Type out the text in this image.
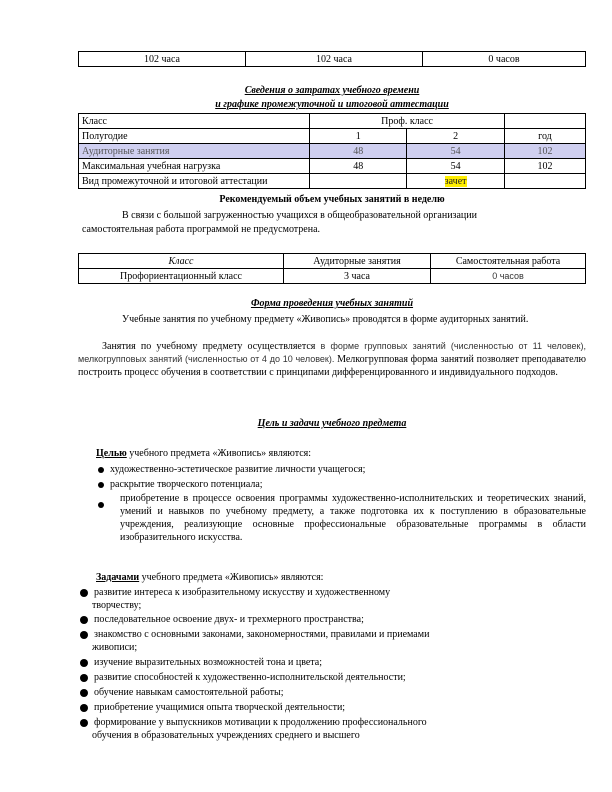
102 часа	102 часа	0 часов
Сведения о затратах учебного времени
и графике промежуточной и итоговой аттестации
Класс	Проф. класс		
Полугодие	1	2	год
Аудиторные занятия	48	54	102
Максимальная учебная нагрузка	48	54	102
Вид промежуточной и итоговой аттестации		зачет	
Рекомендуемый объем учебных занятий в неделю
В связи с большой загруженностью учащихся в общеобразовательной организации
самостоятельная работа программой не предусмотрена.
Класс	Аудиторные занятия	Самостоятельная работа
Профориентационный класс	3 часа	0 часов
Форма проведения учебных занятий
Учебные занятия по учебному предмету «Живопись» проводятся в форме аудиторных занятий.
Занятия по учебному предмету осуществляется в форме групповых занятий (численностью от 11 человек), мелкогрупповых занятий (численностью от 4 до 10 человек). Мелкогрупповая форма занятий позволяет преподавателю построить процесс обучения в соответствии с принципами дифференцированного и индивидуального подходов.
Цель и задачи учебного предмета
Целью учебного предмета «Живопись» являются:
художественно-эстетическое развитие личности учащегося;
раскрытие творческого потенциала;
приобретение в процессе освоения программы художественно-исполнительских и теоретических знаний, умений и навыков по учебному предмету, а также подготовка их к поступлению в образовательные учреждения, реализующие основные профессиональные образовательные программы в области изобразительного искусства.
Задачами учебного предмета «Живопись» являются:
развитие интереса к изобразительному искусству и художественному
творчеству;
последовательное освоение двух- и трехмерного пространства;
знакомство с основными законами, закономерностями, правилами и приемами
живописи;
изучение выразительных возможностей тона и цвета;
развитие способностей к художественно-исполнительской деятельности;
обучение навыкам самостоятельной работы;
приобретение учащимися опыта творческой деятельности;
формирование у выпускников мотивации к продолжению профессионального
обучения в образовательных учреждениях среднего и высшего
